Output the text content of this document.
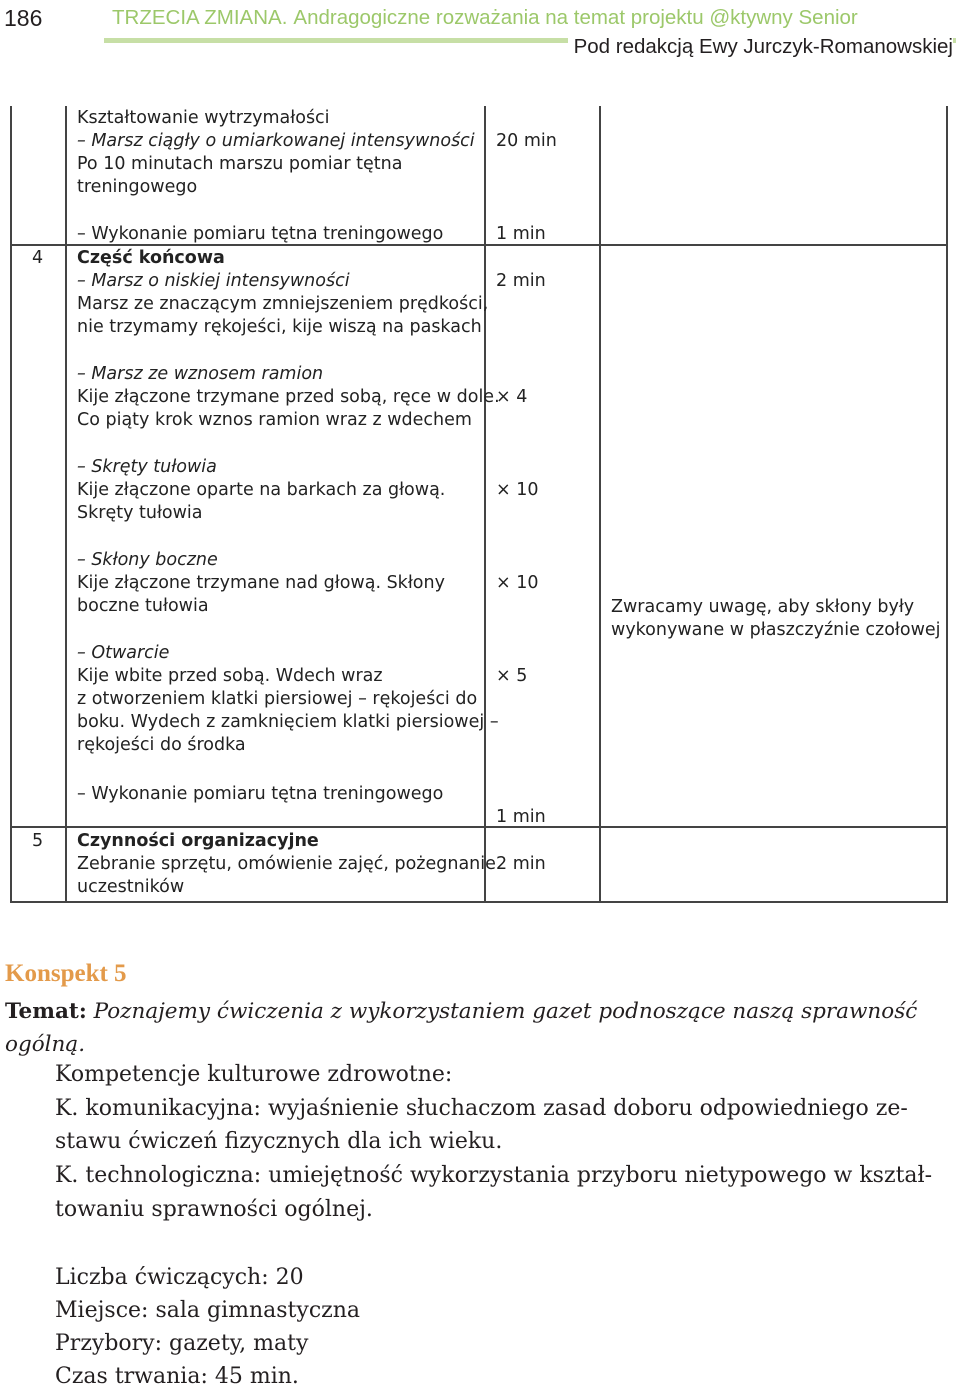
186	TRZECIA ZMIANA. Andragogiczne rozważania na temat projektu @ktywny Senior
Pod redakcją Ewy Jurczyk-Romanowskiej
Kształtowanie wytrzymałości
– Marsz ciągły o umiarkowanej intensywności
Po 10 minutach marszu pomiar tętna
treningowego
20 min
– Wykonanie pomiaru tętna treningowego	1 min
4 Część końcowa
– Marsz o niskiej intensywności
Marsz ze znaczącym zmniejszeniem prędkości,
nie trzymamy rękojeści, kije wiszą na paskach
2 min
– Marsz ze wznosem ramion
Kije złączone trzymane przed sobą, ręce w dole.
Co piąty krok wznos ramion wraz z wdechem
× 4
– Skręty tułowia
Kije złączone oparte na barkach za głową.
Skręty tułowia
× 10
– Skłony boczne
Kije złączone trzymane nad głową. Skłony
boczne tułowia
× 10
Zwracamy uwagę, aby skłony były
wykonywane w płaszczyźnie czołowej
– Otwarcie
Kije wbite przed sobą. Wdech wraz
z otworzeniem klatki piersiowej – rękojeści do
boku. Wydech z zamknięciem klatki piersiowej –
rękojeści do środka
× 5
– Wykonanie pomiaru tętna treningowego
1 min
5 Czynności organizacyjne
Zebranie sprzętu, omówienie zajęć, pożegnanie
uczestników
2 min
Konspekt 5
Temat: Poznajemy ćwiczenia z wykorzystaniem gazet podnoszące naszą sprawność ogólną.
Kompetencje kulturowe zdrowotne:
K. komunikacyjna: wyjaśnienie słuchaczom zasad doboru odpowiedniego ze-
stawu ćwiczeń fizycznych dla ich wieku.
K. technologiczna: umiejętność wykorzystania przyboru nietypowego w kształ-
towaniu sprawności ogólnej.
Liczba ćwiczących: 20
Miejsce: sala gimnastyczna
Przybory: gazety, maty
Czas trwania: 45 min.
